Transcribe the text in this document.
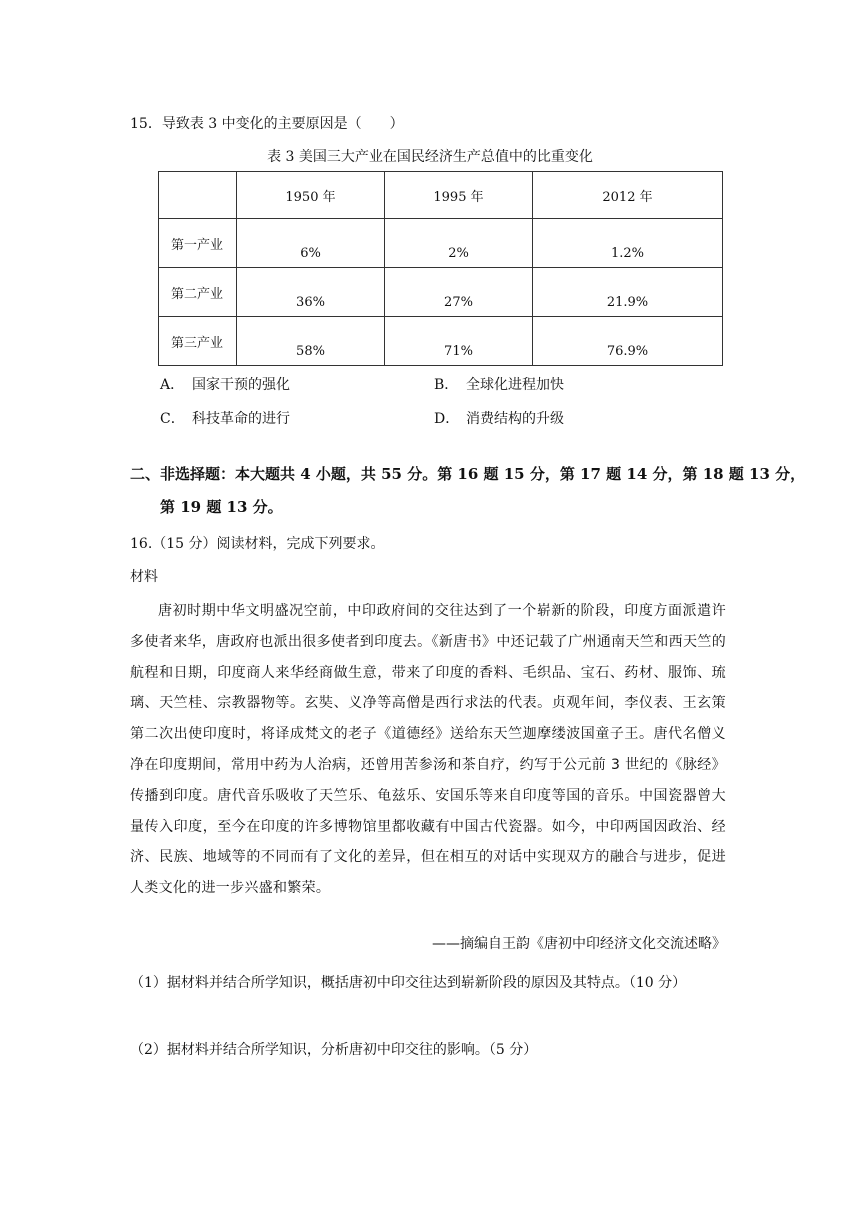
15．导致表 3 中变化的主要原因是（　　）
表 3 美国三大产业在国民经济生产总值中的比重变化
	1950 年	1995 年	2012 年
第一产业	6%	2%	1.2%
第二产业	36%	27%	21.9%
第三产业	58%	71%	76.9%
A． 国家干预的强化	B． 全球化进程加快
C． 科技革命的进行	D． 消费结构的升级
二、非选择题：本大题共 4 小题，共 55 分。第 16 题 15 分，第 17 题 14 分，第 18 题 13 分，
第 19 题 13 分。
16.（15 分）阅读材料，完成下列要求。
材料
唐初时期中华文明盛况空前，中印政府间的交往达到了一个崭新的阶段，印度方面派遣许多使者来华，唐政府也派出很多使者到印度去。《新唐书》中还记载了广州通南天竺和西天竺的航程和日期，印度商人来华经商做生意，带来了印度的香料、毛织品、宝石、药材、服饰、琉璃、天竺桂、宗教器物等。玄奘、义净等高僧是西行求法的代表。贞观年间，李仪表、王玄策第二次出使印度时，将译成梵文的老子《道德经》送给东天竺迦摩缕波国童子王。唐代名僧义净在印度期间，常用中药为人治病，还曾用苦参汤和茶自疗，约写于公元前 3 世纪的《脉经》传播到印度。唐代音乐吸收了天竺乐、龟兹乐、安国乐等来自印度等国的音乐。中国瓷器曾大量传入印度，至今在印度的许多博物馆里都收藏有中国古代瓷器。如今，中印两国因政治、经济、民族、地域等的不同而有了文化的差异，但在相互的对话中实现双方的融合与进步，促进人类文化的进一步兴盛和繁荣。
——摘编自王韵《唐初中印经济文化交流述略》
（1）据材料并结合所学知识，概括唐初中印交往达到崭新阶段的原因及其特点。（10 分）
（2）据材料并结合所学知识，分析唐初中印交往的影响。（5 分）
